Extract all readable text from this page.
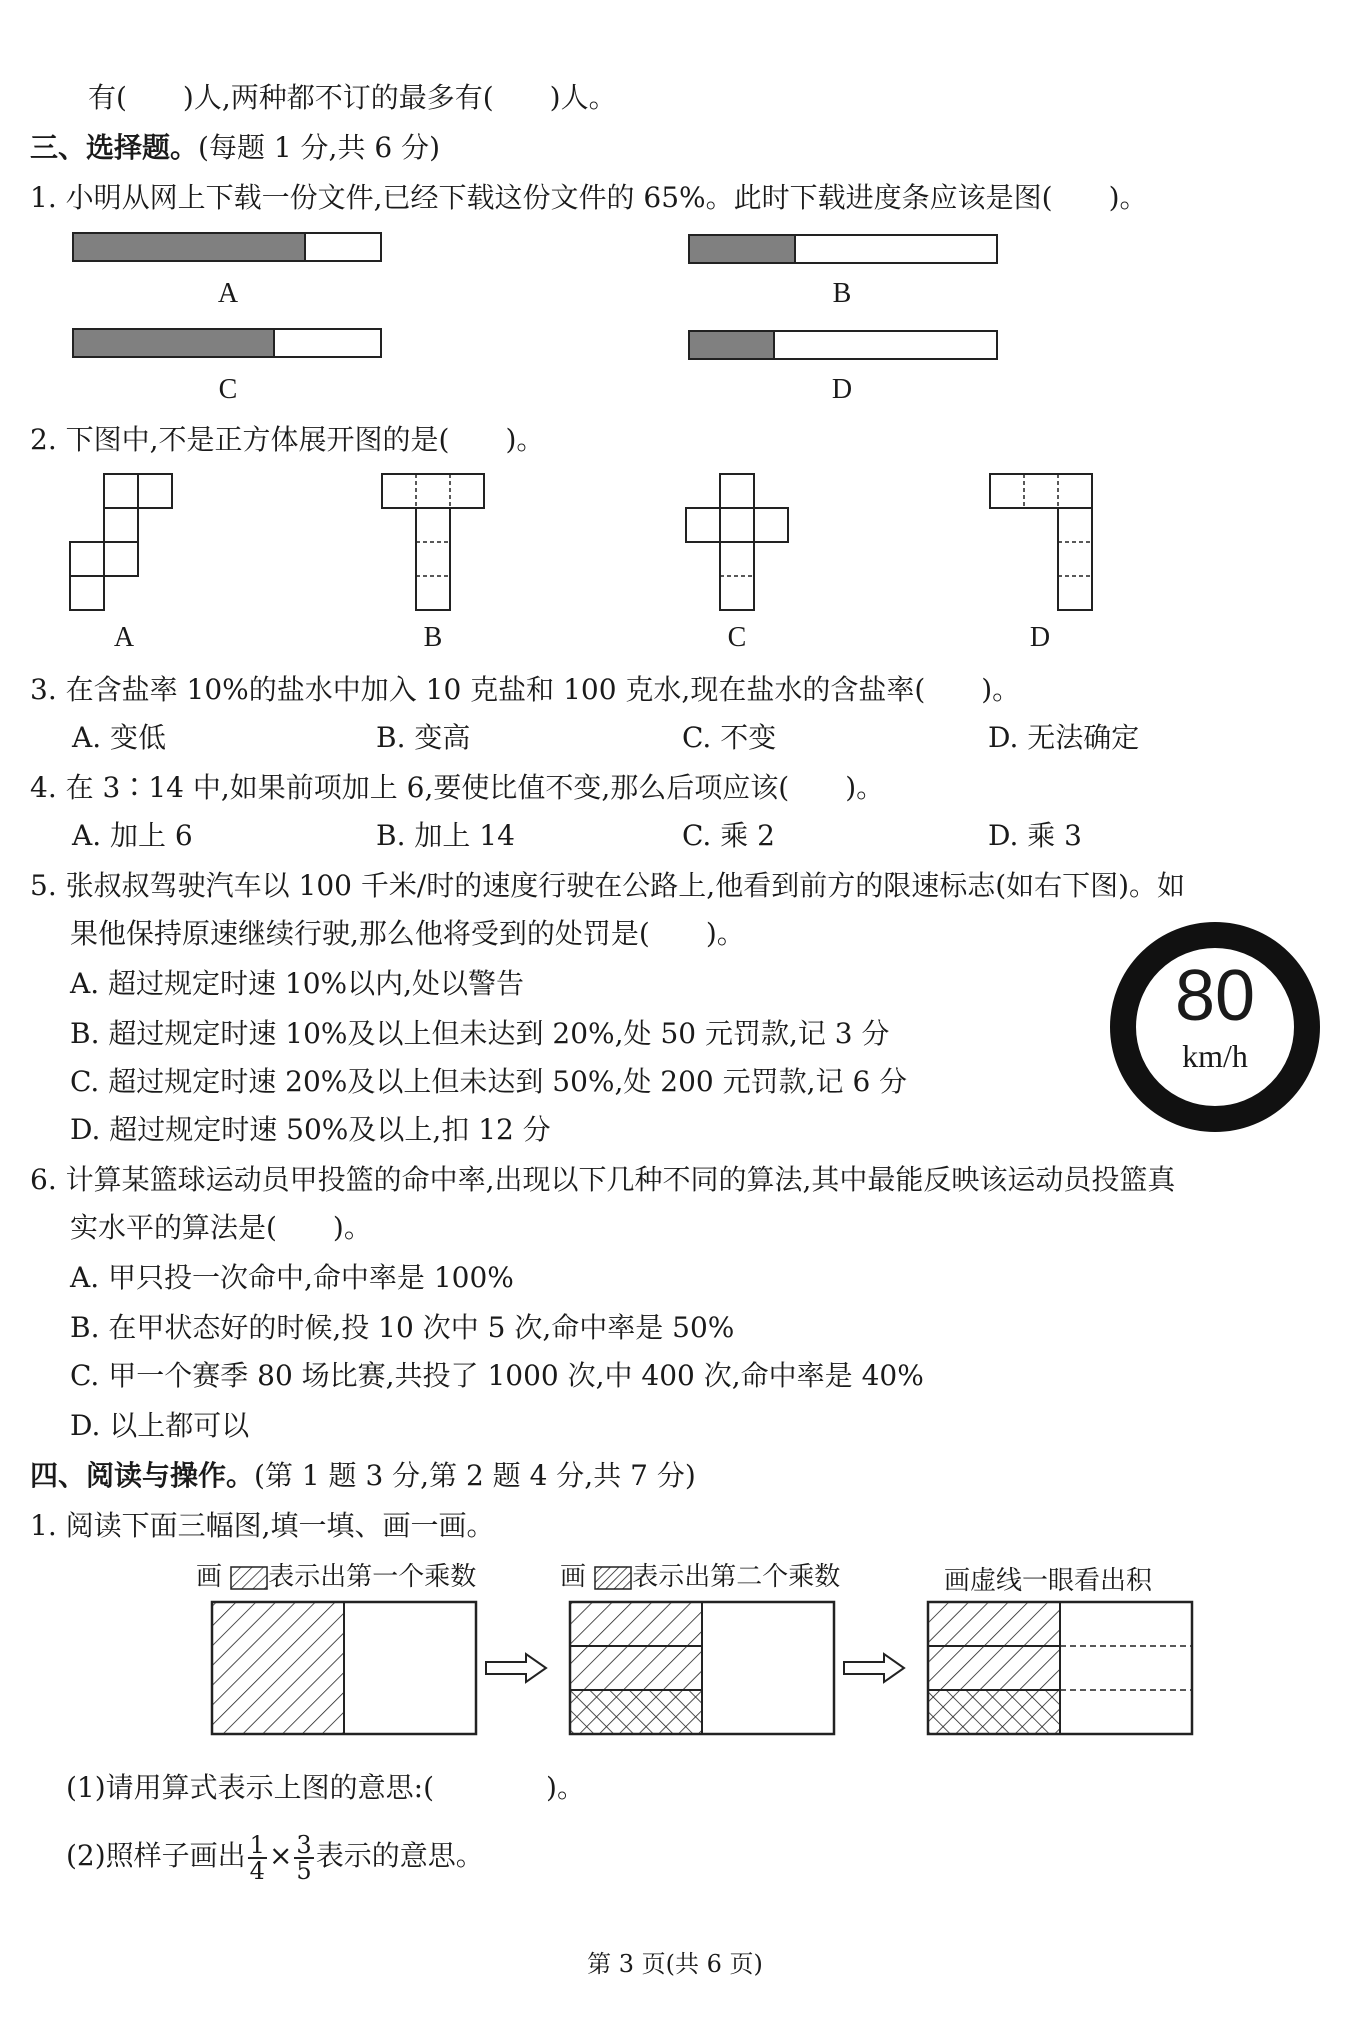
有(　　)人,两种都不订的最多有(　　)人。
三、选择题。(每题 1 分,共 6 分)
1. 小明从网上下载一份文件,已经下载这份文件的 65%。此时下载进度条应该是图(　　)。
A	B
C	D
2. 下图中,不是正方体展开图的是(　　)。
A	B	C	D
3. 在含盐率 10%的盐水中加入 10 克盐和 100 克水,现在盐水的含盐率(　　)。
A. 变低	B. 变高	C. 不变	D. 无法确定
4. 在 3∶14 中,如果前项加上 6,要使比值不变,那么后项应该(　　)。
A. 加上 6	B. 加上 14	C. 乘 2	D. 乘 3
5. 张叔叔驾驶汽车以 100 千米/时的速度行驶在公路上,他看到前方的限速标志(如右下图)。如
果他保持原速继续行驶,那么他将受到的处罚是(　　)。
A. 超过规定时速 10%以内,处以警告
B. 超过规定时速 10%及以上但未达到 20%,处 50 元罚款,记 3 分
C. 超过规定时速 20%及以上但未达到 50%,处 200 元罚款,记 6 分
D. 超过规定时速 50%及以上,扣 12 分
80
km/h
6. 计算某篮球运动员甲投篮的命中率,出现以下几种不同的算法,其中最能反映该运动员投篮真
实水平的算法是(　　)。
A. 甲只投一次命中,命中率是 100%
B. 在甲状态好的时候,投 10 次中 5 次,命中率是 50%
C. 甲一个赛季 80 场比赛,共投了 1000 次,中 400 次,命中率是 40%
D. 以上都可以
四、阅读与操作。(第 1 题 3 分,第 2 题 4 分,共 7 分)
1. 阅读下面三幅图,填一填、画一画。
画 表示出第一个乘数	画 表示出第二个乘数	画虚线一眼看出积
(1)请用算式表示上图的意思:(　　　　)。
(2)照样子画出 $\frac{1}{4} \times \frac{3}{5}$ 表示的意思。
第 3 页(共 6 页)
